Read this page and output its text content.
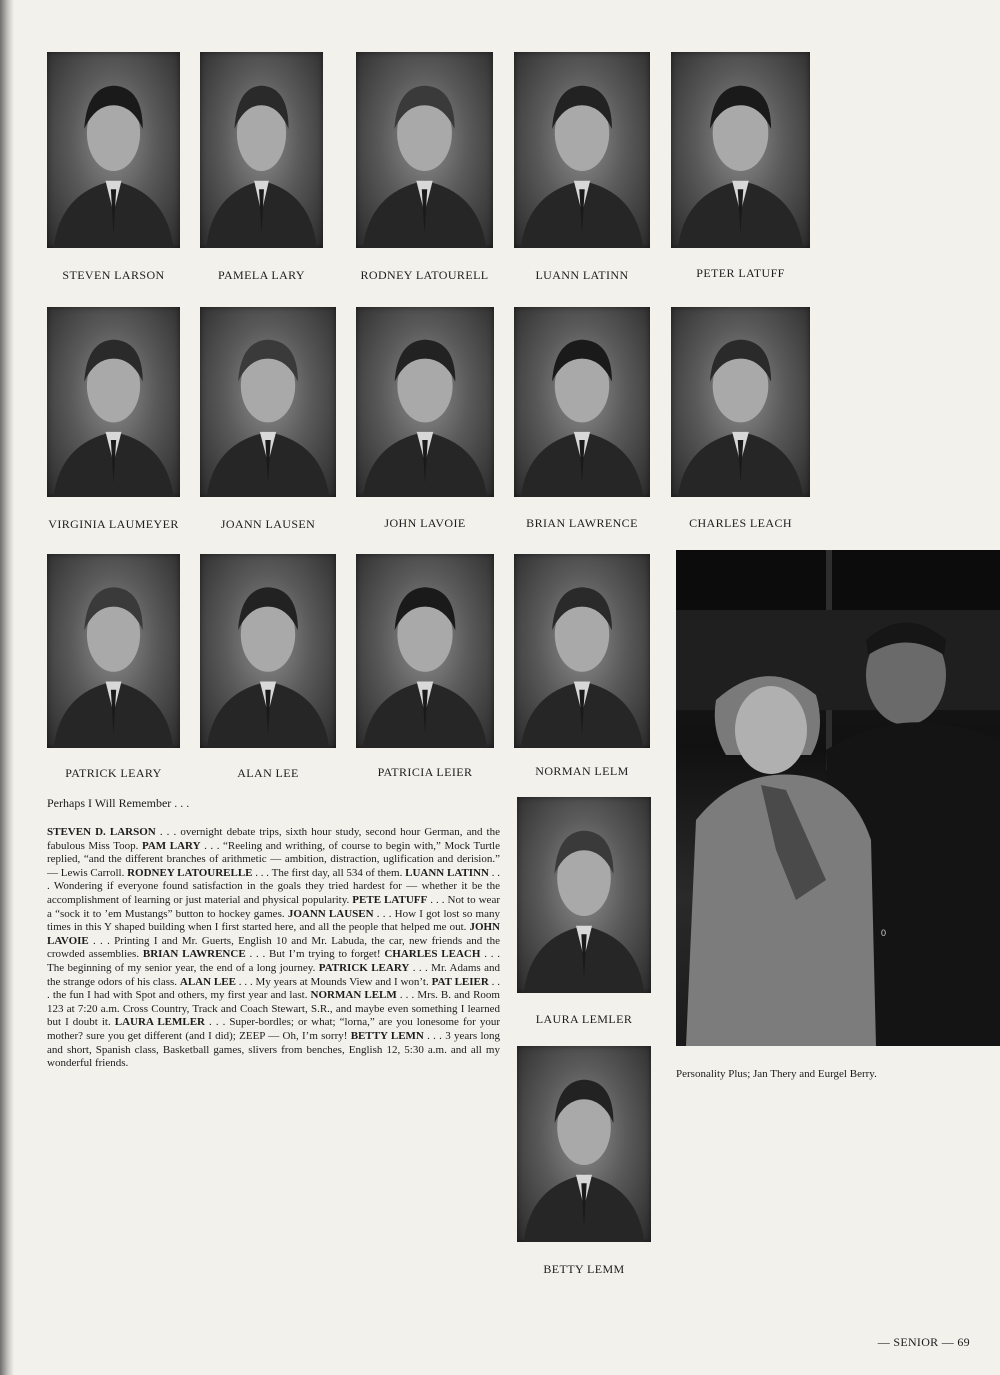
STEVEN LARSON	PAMELA LARY	RODNEY LATOURELL	LUANN LATINN	PETER LATUFF
VIRGINIA LAUMEYER	JOANN LAUSEN	JOHN LAVOIE	BRIAN LAWRENCE	CHARLES LEACH
PATRICK LEARY	ALAN LEE	PATRICIA LEIER	NORMAN LELM
LAURA LEMLER
BETTY LEMM
Perhaps I Will Remember . . .
STEVEN D. LARSON . . . overnight debate trips, sixth hour study, second hour German, and the fabulous Miss Toop. PAM LARY . . . “Reeling and writhing, of course to begin with,” Mock Turtle replied, “and the different branches of arithmetic — ambition, distraction, uglification and derision.” — Lewis Carroll. RODNEY LATOURELLE . . . The first day, all 534 of them. LUANN LATINN . . . Wondering if everyone found satisfaction in the goals they tried hardest for — whether it be the accomplishment of learning or just material and physical popularity. PETE LATUFF . . . Not to wear a “sock it to ’em Mustangs” button to hockey games. JOANN LAUSEN . . . How I got lost so many times in this Y shaped building when I first started here, and all the people that helped me out. JOHN LAVOIE . . . Printing I and Mr. Guerts, English 10 and Mr. Labuda, the car, new friends and the crowded assemblies. BRIAN LAWRENCE . . . But I’m trying to forget! CHARLES LEACH . . . The beginning of my senior year, the end of a long journey. PATRICK LEARY . . . Mr. Adams and the strange odors of his class. ALAN LEE . . . My years at Mounds View and I won’t. PAT LEIER . . . the fun I had with Spot and others, my first year and last. NORMAN LELM . . . Mrs. B. and Room 123 at 7:20 a.m. Cross Country, Track and Coach Stewart, S.R., and maybe even something I learned but I doubt it. LAURA LEMLER . . . Super-bordles; or what; “lorna,” are you lonesome for your mother? sure you get different (and I did); ZEEP — Oh, I’m sorry! BETTY LEMN . . . 3 years long and short, Spanish class, Basketball games, slivers from benches, English 12, 5:30 a.m. and all my wonderful friends.
0
Personality Plus; Jan Thery and Eurgel Berry.
— SENIOR — 69
